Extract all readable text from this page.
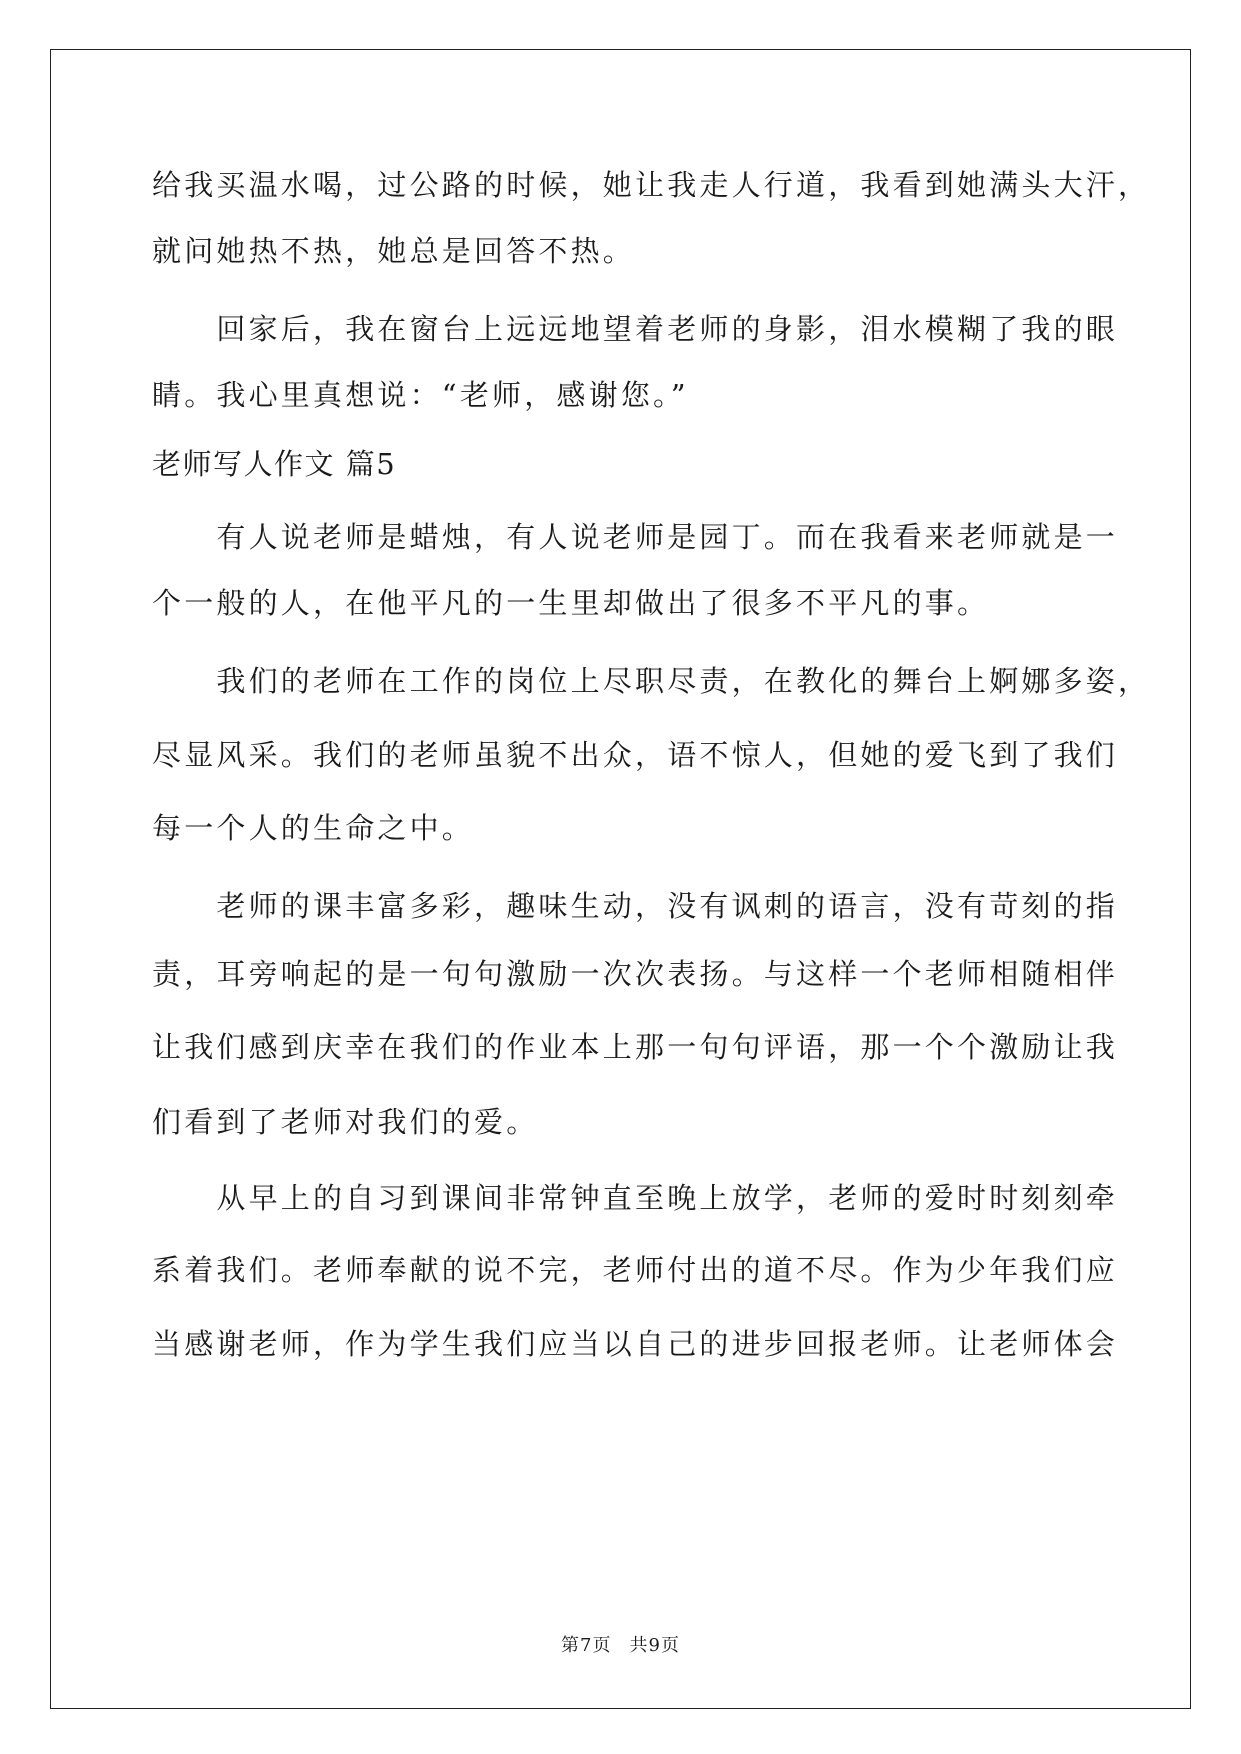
给我买温水喝，过公路的时候，她让我走人行道，我看到她满头大汗，
就问她热不热，她总是回答不热。
　　回家后，我在窗台上远远地望着老师的身影，泪水模糊了我的眼
睛。我心里真想说：“老师，感谢您。”
老师写人作文 篇5
　　有人说老师是蜡烛，有人说老师是园丁。而在我看来老师就是一
个一般的人，在他平凡的一生里却做出了很多不平凡的事。
　　我们的老师在工作的岗位上尽职尽责，在教化的舞台上婀娜多姿，
尽显风采。我们的老师虽貌不出众，语不惊人，但她的爱飞到了我们
每一个人的生命之中。
　　老师的课丰富多彩，趣味生动，没有讽刺的语言，没有苛刻的指
责，耳旁响起的是一句句激励一次次表扬。与这样一个老师相随相伴
让我们感到庆幸在我们的作业本上那一句句评语，那一个个激励让我
们看到了老师对我们的爱。
　　从早上的自习到课间非常钟直至晚上放学，老师的爱时时刻刻牵
系着我们。老师奉献的说不完，老师付出的道不尽。作为少年我们应
当感谢老师，作为学生我们应当以自己的进步回报老师。让老师体会
第7页 共9页
